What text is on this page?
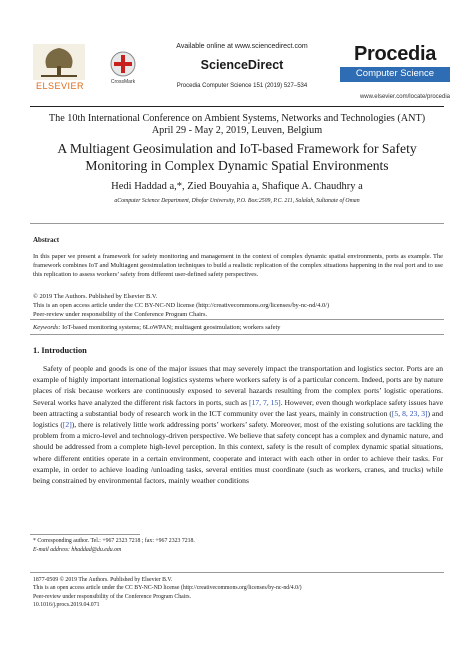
ELSEVIER	CrossMark
Available online at www.sciencedirect.com
ScienceDirect
Procedia Computer Science 151 (2019) 527–534
Procedia
Computer Science
www.elsevier.com/locate/procedia
The 10th International Conference on Ambient Systems, Networks and Technologies (ANT)
April 29 - May 2, 2019, Leuven, Belgium
A Multiagent Geosimulation and IoT-based Framework for Safety
Monitoring in Complex Dynamic Spatial Environments
Hedi Haddad a,*, Zied Bouyahia a, Shafique A. Chaudhry a
aComputer Science Department, Dhofar University, P.O. Box:2509, P.C. 211, Salalah, Sultanate of Oman
Abstract
In this paper we present a framework for safety monitoring and management in the context of complex dynamic spatial environments, ports as example. The framework combines IoT and Multiagent geosimulation techniques to build a realistic replication of the complex situations happening in the real port and to use this replication to assess workers’ safety from different user-defined safety perspectives.
© 2019 The Authors. Published by Elsevier B.V.
This is an open access article under the CC BY-NC-ND license (http://creativecommons.org/licenses/by-nc-nd/4.0/)
Peer-review under responsibility of the Conference Program Chairs.
Keywords: IoT-based monitoring systems; 6LoWPAN; multiagent geosimulation; workers safety
1. Introduction

Safety of people and goods is one of the major issues that may severely impact the transportation and logistics sector. Ports are an example of highly important international logistics systems where workers safety is of a particular concern. Indeed, ports are by nature places of risk because workers are continuously exposed to several hazards resulting from the complex ports’ logistic operations. Several works have analyzed the different risk factors in ports, such as [17, 7, 15]. However, even though workplace safety issues have been attracting a substantial body of research work in the ICT community over the last years, mainly in construction ([5, 8, 23, 3]) and logistics ([2]), there is relatively little work addressing ports’ workers’ safety. Moreover, most of the existing solutions are tackling the problem from a micro-level and technology-driven perspective. We believe that safety concept has a complex and dynamic nature, and should be addressed from a complete high-level perception. In this context, safety is the result of complex dynamic spatial situations, where different entities operate in a certain environment, cooperate and interact with each other in order to achieve their tasks. For example, in order to achieve loading /unloading tasks, several entities must coordinate (such as workers, cranes, and trucks) while being constrained by environmental factors, mainly weather conditions

* Corresponding author. Tel.: +967 2323 7218 ; fax: +967 2323 7218.
E-mail address: hhaddad@du.edu.om
1877-0509 © 2019 The Authors. Published by Elsevier B.V.
This is an open access article under the CC BY-NC-ND license (http://creativecommons.org/licenses/by-nc-nd/4.0/)
Peer-review under responsibility of the Conference Program Chairs.
10.1016/j.procs.2019.04.071
